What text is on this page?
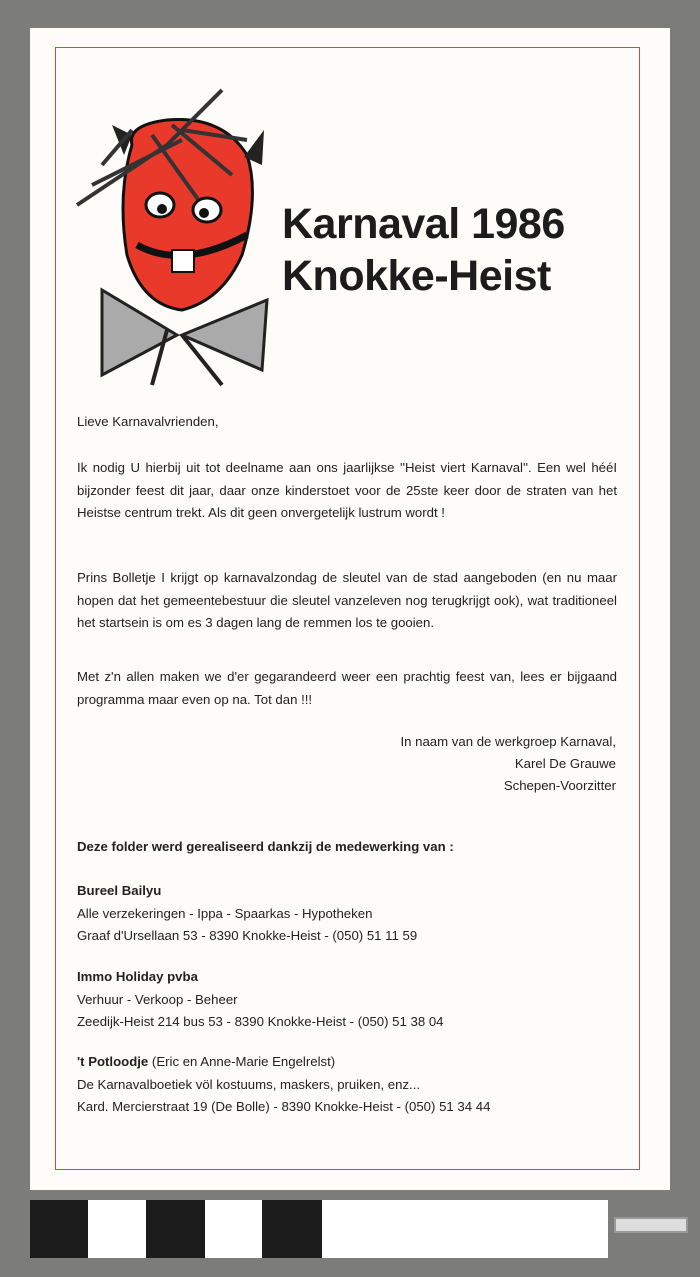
Karnaval 1986
Knokke-Heist
Lieve Karnavalvrienden,
Ik nodig U hierbij uit tot deelname aan ons jaarlijkse ''Heist viert Karnaval''. Een wel hééI bijzonder feest dit jaar, daar onze kinderstoet voor de 25ste keer door de straten van het Heistse centrum trekt. Als dit geen onvergetelijk lustrum wordt !
Prins Bolletje I krijgt op karnavalzondag de sleutel van de stad aangeboden (en nu maar hopen dat het gemeentebestuur die sleutel vanzeleven nog terugkrijgt ook), wat traditioneel het startsein is om es 3 dagen lang de remmen los te gooien.
Met z'n allen maken we d'er gegarandeerd weer een prachtig feest van, lees er bijgaand programma maar even op na. Tot dan !!!
In naam van de werkgroep Karnaval,
Karel De Grauwe
Schepen-Voorzitter
Deze folder werd gerealiseerd dankzij de medewerking van :
Bureel Bailyu
Alle verzekeringen - Ippa - Spaarkas - Hypotheken
Graaf d'Ursellaan 53 - 8390 Knokke-Heist - (050) 51 11 59
Immo Holiday pvba
Verhuur - Verkoop - Beheer
Zeedijk-Heist 214 bus 53 - 8390 Knokke-Heist - (050) 51 38 04
't Potloodje (Eric en Anne-Marie Engelrelst)
De Karnavalboetiek völ kostuums, maskers, pruiken, enz...
Kard. Mercierstraat 19 (De Bolle) - 8390 Knokke-Heist - (050) 51 34 44
